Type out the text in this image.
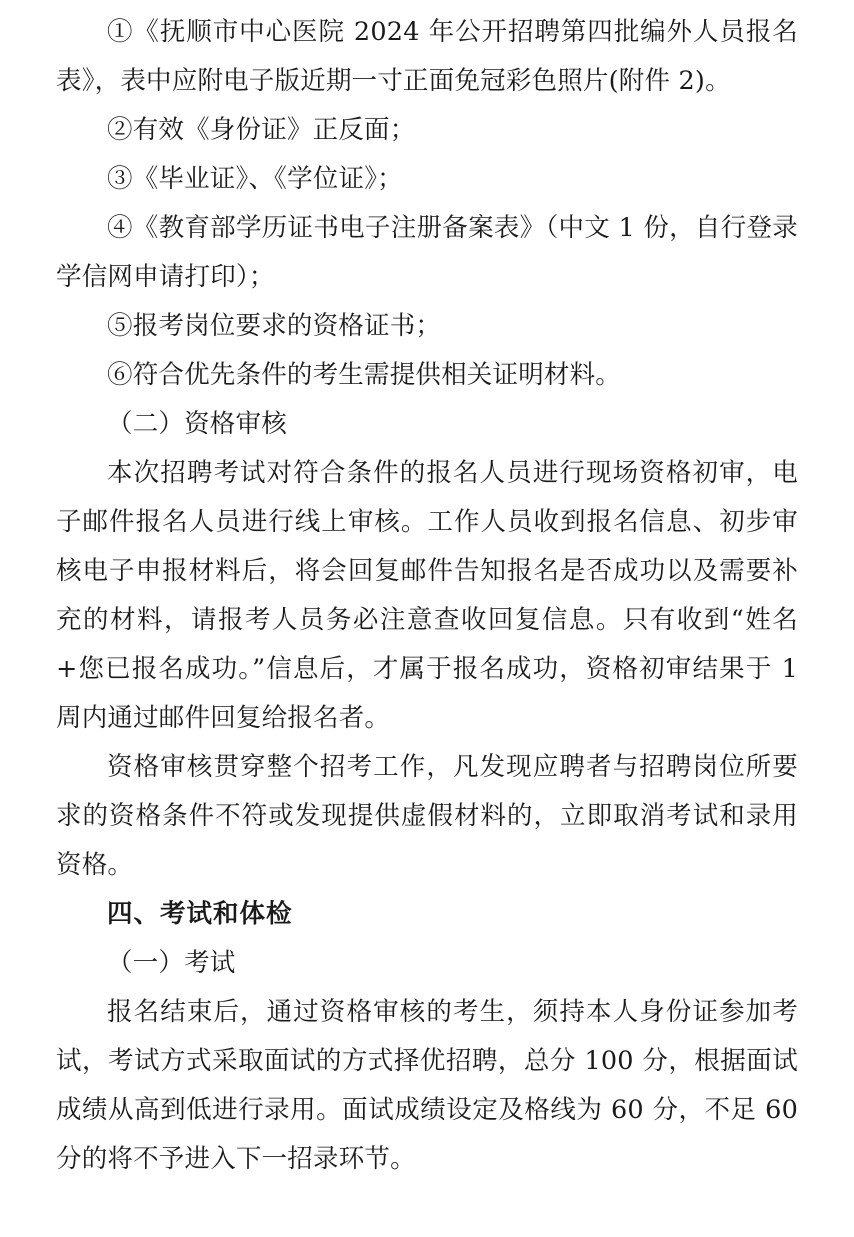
①《抚顺市中心医院 2024 年公开招聘第四批编外人员报名表》，表中应附电子版近期一寸正面免冠彩色照片(附件 2)。

②有效《身份证》正反面；

③《毕业证》、《学位证》；

④《教育部学历证书电子注册备案表》（中文 1 份，自行登录学信网申请打印）；

⑤报考岗位要求的资格证书；

⑥符合优先条件的考生需提供相关证明材料。

（二）资格审核

本次招聘考试对符合条件的报名人员进行现场资格初审，电子邮件报名人员进行线上审核。工作人员收到报名信息、初步审核电子申报材料后，将会回复邮件告知报名是否成功以及需要补充的材料，请报考人员务必注意查收回复信息。只有收到“姓名+您已报名成功。”信息后，才属于报名成功，资格初审结果于 1 周内通过邮件回复给报名者。

资格审核贯穿整个招考工作，凡发现应聘者与招聘岗位所要求的资格条件不符或发现提供虚假材料的，立即取消考试和录用资格。

四、考试和体检

（一）考试

报名结束后，通过资格审核的考生，须持本人身份证参加考试，考试方式采取面试的方式择优招聘，总分 100 分，根据面试成绩从高到低进行录用。面试成绩设定及格线为 60 分，不足 60 分的将不予进入下一招录环节。
